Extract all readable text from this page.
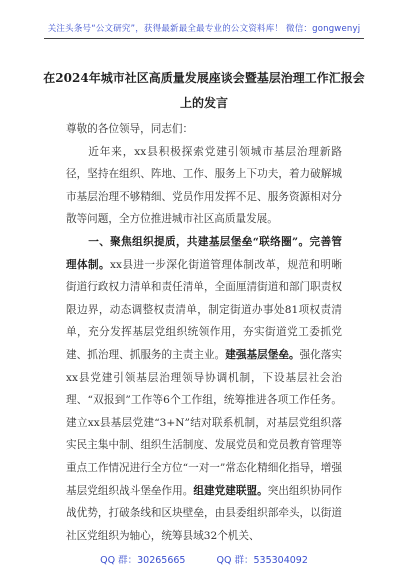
关注头条号“公文研究”，获得最新最全最专业的公文资料库！ 微信：gongwenyj
在2024年城市社区高质量发展座谈会暨基层治理工作汇报会上的发言

尊敬的各位领导，同志们：

近年来，xx县积极探索党建引领城市基层治理新路径，坚持在组织、阵地、工作、服务上下功夫，着力破解城市基层治理不够精细、党员作用发挥不足、服务资源相对分散等问题，全方位推进城市社区高质量发展。

一、聚焦组织提质，共建基层堡垒“联络圈”。完善管理体制。xx县进一步深化街道管理体制改革，规范和明晰街道行政权力清单和责任清单，全面厘清街道和部门职责权限边界，动态调整权责清单，制定街道办事处81项权责清单，充分发挥基层党组织统领作用，夯实街道党工委抓党建、抓治理、抓服务的主责主业。建强基层堡垒。强化落实xx县党建引领基层治理领导协调机制，下设基层社会治理、“双报到”工作等6个工作组，统筹推进各项工作任务。建立xx县基层党建“3+N”结对联系机制，对基层党组织落实民主集中制、组织生活制度、发展党员和党员教育管理等重点工作情况进行全方位“一对一”常态化精细化指导，增强基层党组织战斗堡垒作用。组建党建联盟。突出组织协同作战优势，打破条线和区块壁垒，由县委组织部牵头，以街道社区党组织为轴心，统筹县域32个机关、

QQ 群：30265665	QQ 群：535304092
